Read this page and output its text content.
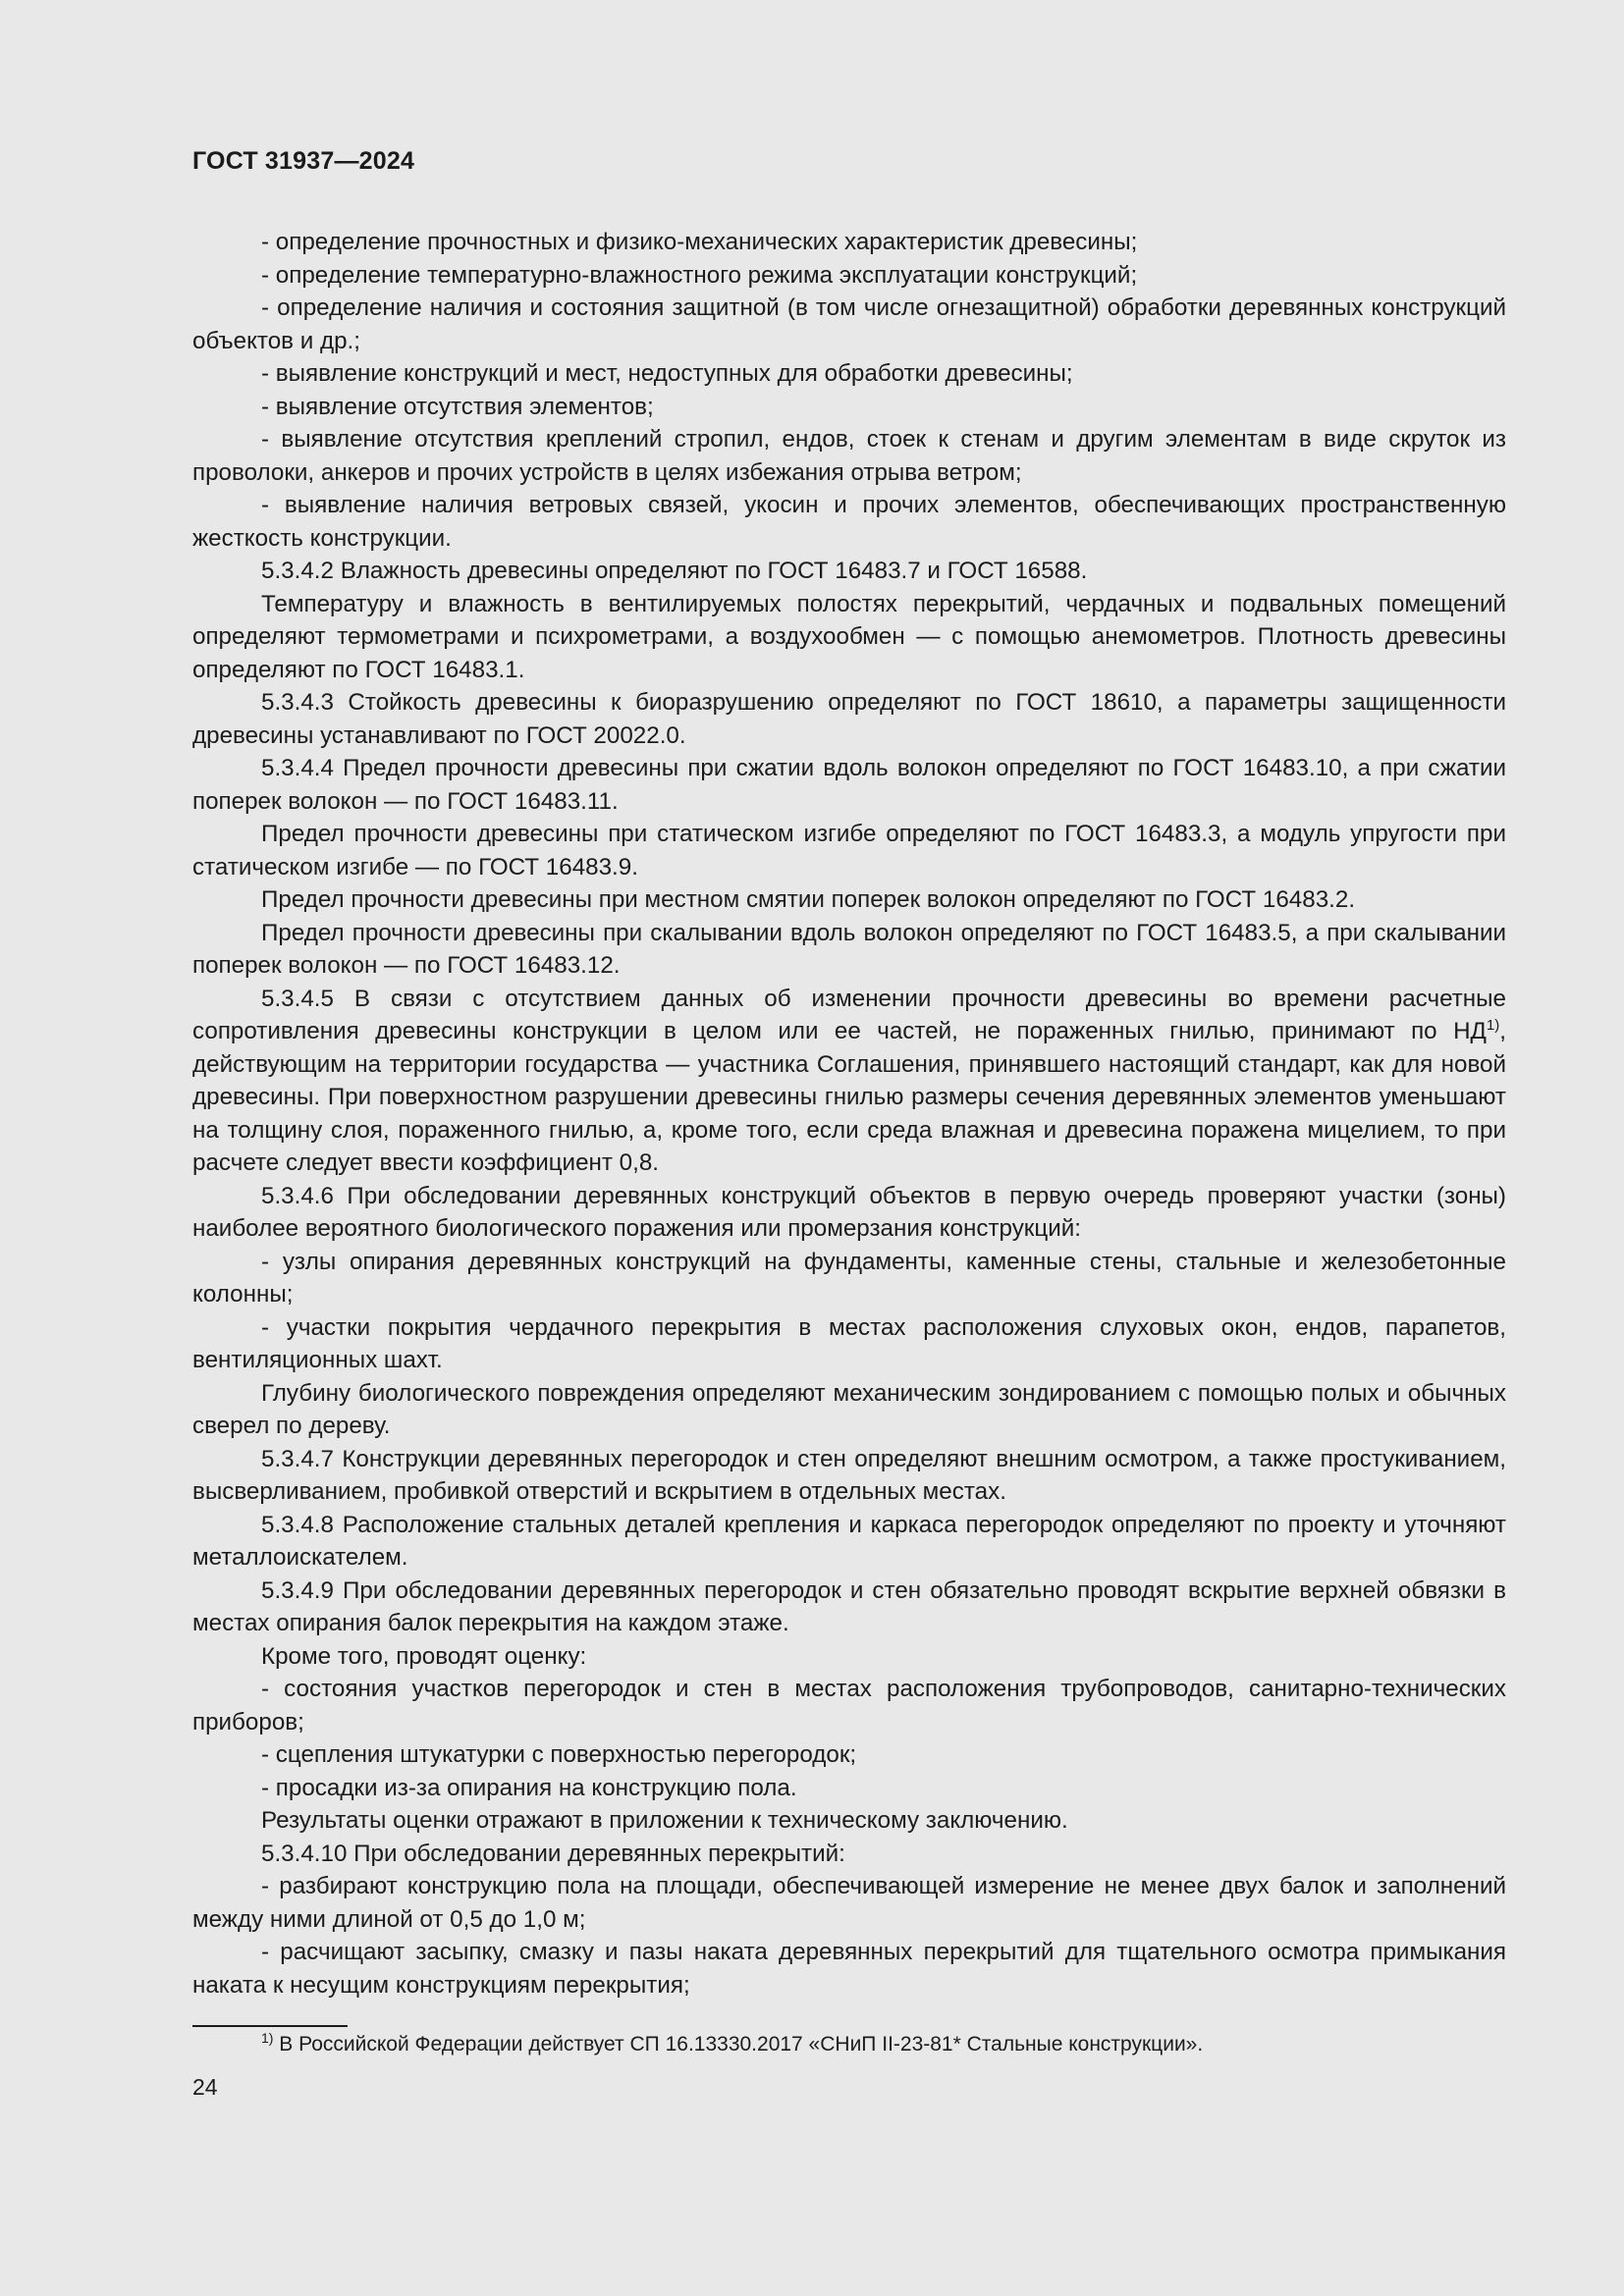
ГОСТ 31937—2024

- определение прочностных и физико-механических характеристик древесины;

- определение температурно-влажностного режима эксплуатации конструкций;

- определение наличия и состояния защитной (в том числе огнезащитной) обработки деревянных конструкций объектов и др.;

- выявление конструкций и мест, недоступных для обработки древесины;

- выявление отсутствия элементов;

- выявление отсутствия креплений стропил, ендов, стоек к стенам и другим элементам в виде скруток из проволоки, анкеров и прочих устройств в целях избежания отрыва ветром;

- выявление наличия ветровых связей, укосин и прочих элементов, обеспечивающих пространственную жесткость конструкции.

5.3.4.2 Влажность древесины определяют по ГОСТ 16483.7 и ГОСТ 16588.

Температуру и влажность в вентилируемых полостях перекрытий, чердачных и подвальных помещений определяют термометрами и психрометрами, а воздухообмен — с помощью анемометров. Плотность древесины определяют по ГОСТ 16483.1.

5.3.4.3 Стойкость древесины к биоразрушению определяют по ГОСТ 18610, а параметры защищенности древесины устанавливают по ГОСТ 20022.0.

5.3.4.4 Предел прочности древесины при сжатии вдоль волокон определяют по ГОСТ 16483.10, а при сжатии поперек волокон — по ГОСТ 16483.11.

Предел прочности древесины при статическом изгибе определяют по ГОСТ 16483.3, а модуль упругости при статическом изгибе — по ГОСТ 16483.9.

Предел прочности древесины при местном смятии поперек волокон определяют по ГОСТ 16483.2.

Предел прочности древесины при скалывании вдоль волокон определяют по ГОСТ 16483.5, а при скалывании поперек волокон — по ГОСТ 16483.12.

5.3.4.5 В связи с отсутствием данных об изменении прочности древесины во времени расчетные сопротивления древесины конструкции в целом или ее частей, не пораженных гнилью, принимают по НД$^{1)}$, действующим на территории государства — участника Соглашения, принявшего настоящий стандарт, как для новой древесины. При поверхностном разрушении древесины гнилью размеры сечения деревянных элементов уменьшают на толщину слоя, пораженного гнилью, а, кроме того, если среда влажная и древесина поражена мицелием, то при расчете следует ввести коэффициент 0,8.

5.3.4.6 При обследовании деревянных конструкций объектов в первую очередь проверяют участки (зоны) наиболее вероятного биологического поражения или промерзания конструкций:

- узлы опирания деревянных конструкций на фундаменты, каменные стены, стальные и железобетонные колонны;

- участки покрытия чердачного перекрытия в местах расположения слуховых окон, ендов, парапетов, вентиляционных шахт.

Глубину биологического повреждения определяют механическим зондированием с помощью полых и обычных сверел по дереву.

5.3.4.7 Конструкции деревянных перегородок и стен определяют внешним осмотром, а также простукиванием, высверливанием, пробивкой отверстий и вскрытием в отдельных местах.

5.3.4.8 Расположение стальных деталей крепления и каркаса перегородок определяют по проекту и уточняют металлоискателем.

5.3.4.9 При обследовании деревянных перегородок и стен обязательно проводят вскрытие верхней обвязки в местах опирания балок перекрытия на каждом этаже.

Кроме того, проводят оценку:

- состояния участков перегородок и стен в местах расположения трубопроводов, санитарно-технических приборов;

- сцепления штукатурки с поверхностью перегородок;

- просадки из-за опирания на конструкцию пола.

Результаты оценки отражают в приложении к техническому заключению.

5.3.4.10 При обследовании деревянных перекрытий:

- разбирают конструкцию пола на площади, обеспечивающей измерение не менее двух балок и заполнений между ними длиной от 0,5 до 1,0 м;

- расчищают засыпку, смазку и пазы наката деревянных перекрытий для тщательного осмотра примыкания наката к несущим конструкциям перекрытия;

$^{1)}$ В Российской Федерации действует СП 16.13330.2017 «СНиП II-23-81* Стальные конструкции».
24
